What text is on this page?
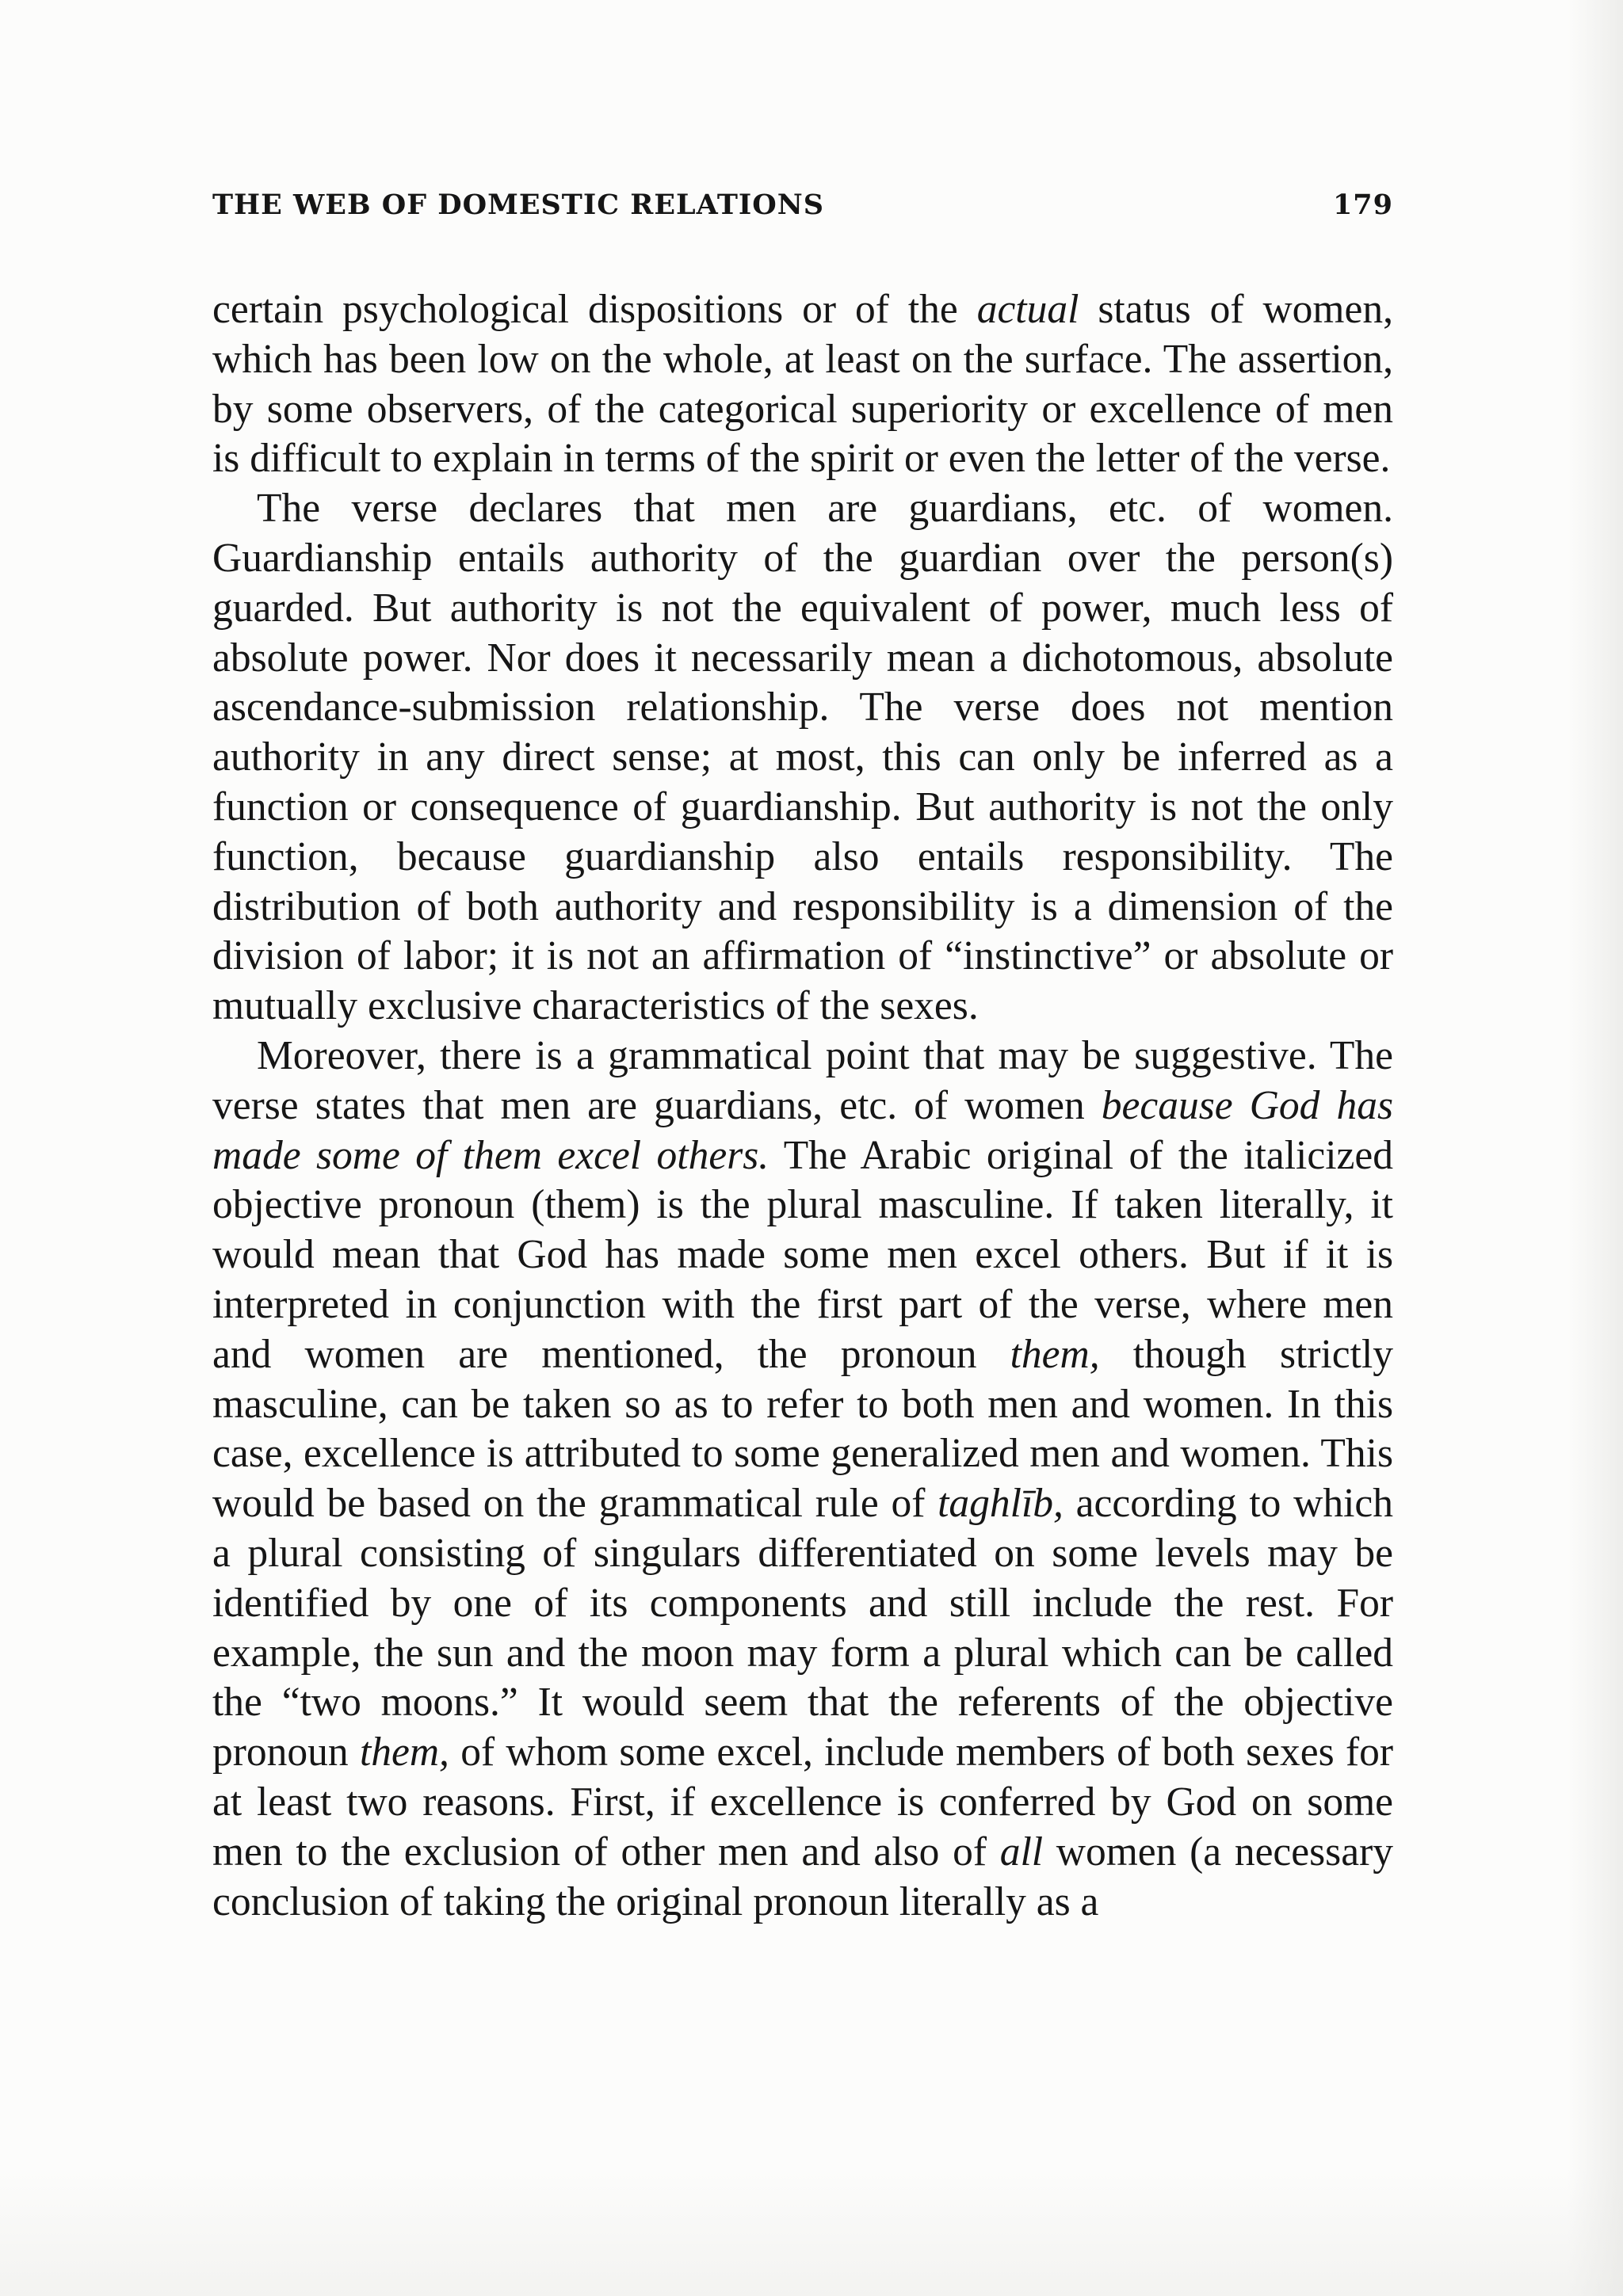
THE WEB OF DOMESTIC RELATIONS	179

certain psychological dispositions or of the actual status of women, which has been low on the whole, at least on the surface. The assertion, by some observers, of the categorical superiority or excellence of men is difficult to explain in terms of the spirit or even the letter of the verse.

The verse declares that men are guardians, etc. of women. Guardianship entails authority of the guardian over the person(s) guarded. But authority is not the equivalent of power, much less of absolute power. Nor does it necessarily mean a dichotomous, absolute ascendance-submission relationship. The verse does not mention authority in any direct sense; at most, this can only be inferred as a function or consequence of guardianship. But authority is not the only function, because guardianship also entails responsibility. The distribution of both authority and responsibility is a dimension of the division of labor; it is not an affirmation of “instinctive” or absolute or mutually exclusive characteristics of the sexes.

Moreover, there is a grammatical point that may be suggestive. The verse states that men are guardians, etc. of women because God has made some of them excel others. The Arabic original of the italicized objective pronoun (them) is the plural masculine. If taken literally, it would mean that God has made some men excel others. But if it is interpreted in conjunction with the first part of the verse, where men and women are mentioned, the pronoun them, though strictly masculine, can be taken so as to refer to both men and women. In this case, excellence is attributed to some generalized men and women. This would be based on the grammatical rule of taghlīb, according to which a plural consisting of singulars differentiated on some levels may be identified by one of its components and still include the rest. For example, the sun and the moon may form a plural which can be called the “two moons.” It would seem that the referents of the objective pronoun them, of whom some excel, include members of both sexes for at least two reasons. First, if excellence is conferred by God on some men to the exclusion of other men and also of all women (a necessary conclusion of taking the original pronoun literally as a
